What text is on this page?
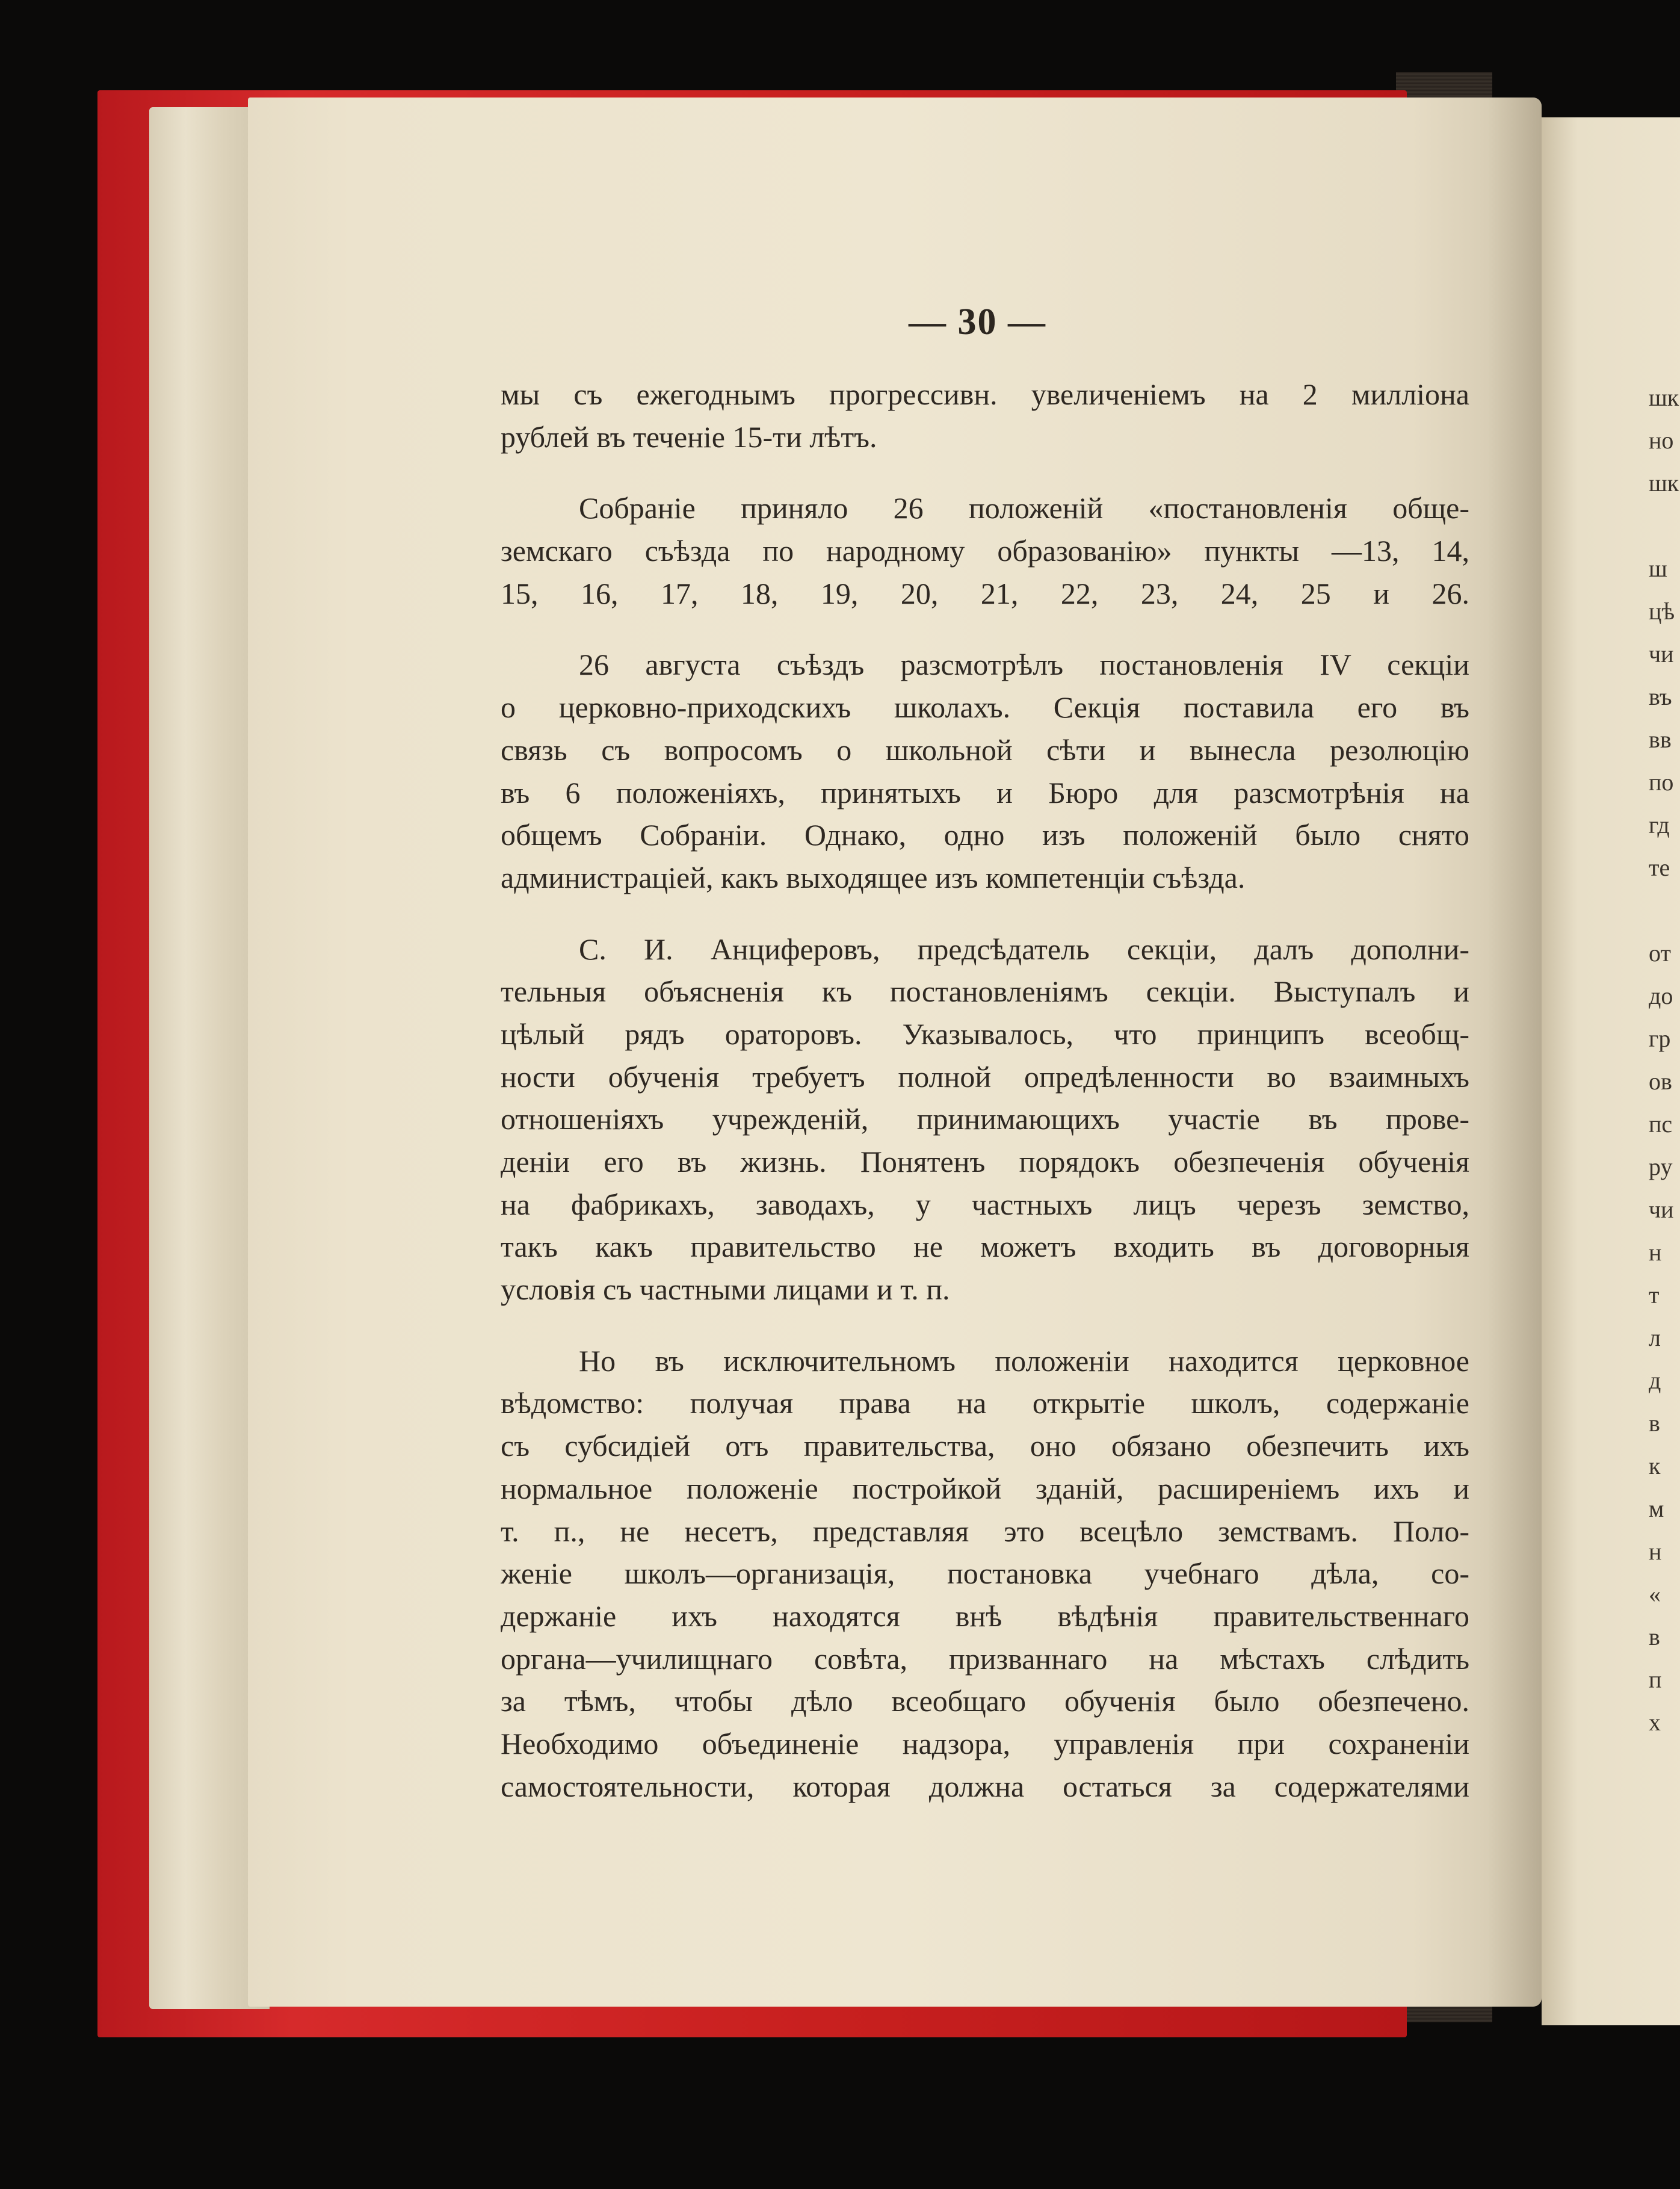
— 30 —
мы съ ежегоднымъ прогрессивн. увеличеніемъ на 2 милліона
рублей въ теченіе 15-ти лѣтъ.
Собраніе приняло 26 положеній «постановленія обще-
земскаго съѣзда по народному образованію» пункты —13, 14,
15, 16, 17, 18, 19, 20, 21, 22, 23, 24, 25 и 26.
26 августа съѣздъ разсмотрѣлъ постановленія IV секціи
о церковно-приходскихъ школахъ. Секція поставила его въ
связь съ вопросомъ о школьной сѣти и вынесла резолюцію
въ 6 положеніяхъ, принятыхъ и Бюро для разсмотрѣнія на
общемъ Собраніи. Однако, одно изъ положеній было снято
администраціей, какъ выходящее изъ компетенціи съѣзда.
С. И. Анциферовъ, предсѣдатель секціи, далъ дополни-
тельныя объясненія къ постановленіямъ секціи. Выступалъ и
цѣлый рядъ ораторовъ. Указывалось, что принципъ всеобщ-
ности обученія требуетъ полной опредѣленности во взаимныхъ
отношеніяхъ учрежденій, принимающихъ участіе въ прове-
деніи его въ жизнь. Понятенъ порядокъ обезпеченія обученія
на фабрикахъ, заводахъ, у частныхъ лицъ черезъ земство,
такъ какъ правительство не можетъ входить въ договорныя
условія съ частными лицами и т. п.
Но въ исключительномъ положеніи находится церковное
вѣдомство: получая права на открытіе школъ, содержаніе
съ субсидіей отъ правительства, оно обязано обезпечить ихъ
нормальное положеніе постройкой зданій, расширеніемъ ихъ и
т. п., не несетъ, представляя это всецѣло земствамъ. Поло-
женіе школъ—организація, постановка учебнаго дѣла, со-
держаніе ихъ находятся внѣ вѣдѣнія правительственнаго
органа—училищнаго совѣта, призваннаго на мѣстахъ слѣдить
за тѣмъ, чтобы дѣло всеобщаго обученія было обезпечено.
Необходимо объединеніе надзора, управленія при сохраненіи
самостоятельности, которая должна остаться за содержателями
шк
но
шк
ш
цѣ
чи
въ
вв
по
гд
те
от
до
гр
ов
пс
ру
чи
н
т
л
д
в
к
м
н
«
в
п
х
